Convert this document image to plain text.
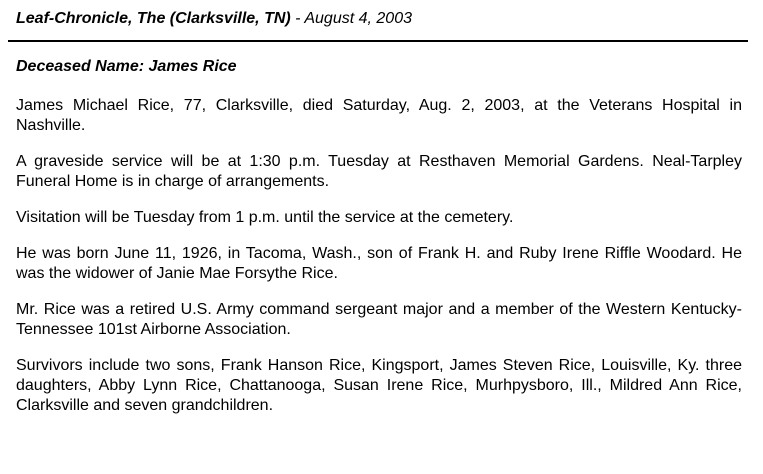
Leaf-Chronicle, The (Clarksville, TN) - August 4, 2003
Deceased Name: James Rice

James Michael Rice, 77, Clarksville, died Saturday, Aug. 2, 2003, at the Veterans Hospital in Nashville.

A graveside service will be at 1:30 p.m. Tuesday at Resthaven Memorial Gardens. Neal-Tarpley Funeral Home is in charge of arrangements.

Visitation will be Tuesday from 1 p.m. until the service at the cemetery.

He was born June 11, 1926, in Tacoma, Wash., son of Frank H. and Ruby Irene Riffle Woodard. He was the widower of Janie Mae Forsythe Rice.

Mr. Rice was a retired U.S. Army command sergeant major and a member of the Western Kentucky-Tennessee 101st Airborne Association.

Survivors include two sons, Frank Hanson Rice, Kingsport, James Steven Rice, Louisville, Ky. three daughters, Abby Lynn Rice, Chattanooga, Susan Irene Rice, Murhpysboro, Ill., Mildred Ann Rice, Clarksville and seven grandchildren.
